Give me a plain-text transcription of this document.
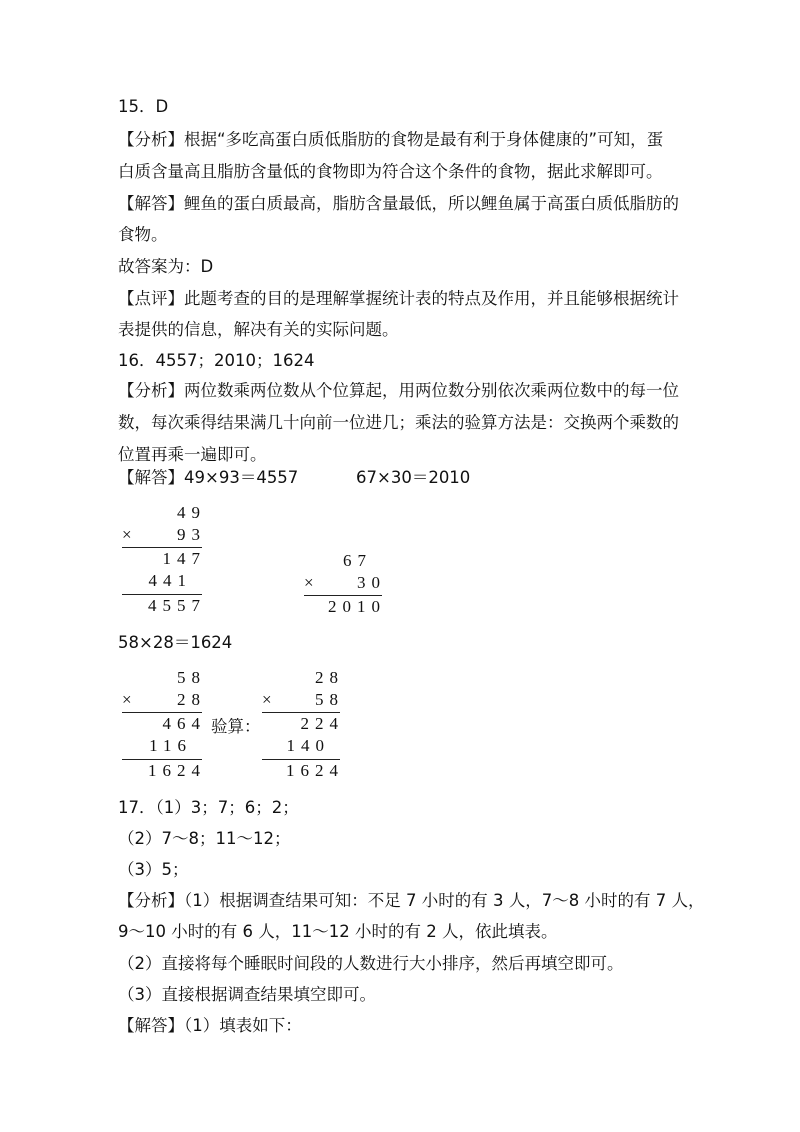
15．D
【分析】根据“多吃高蛋白质低脂肪的食物是最有利于身体健康的”可知，蛋
白质含量高且脂肪含量低的食物即为符合这个条件的食物，据此求解即可。
【解答】鲤鱼的蛋白质最高，脂肪含量最低，所以鲤鱼属于高蛋白质低脂肪的
食物。
故答案为：D
【点评】此题考查的目的是理解掌握统计表的特点及作用，并且能够根据统计
表提供的信息，解决有关的实际问题。
16．4557；2010；1624
【分析】两位数乘两位数从个位算起，用两位数分别依次乘两位数中的每一位
数，每次乘得结果满几十向前一位进几；乘法的验算方法是：交换两个乘数的
位置再乘一遍即可。
【解答】49×93＝4557	67×30＝2010
49
×	93
147
441
4557
67
×	30
2010
58×28＝1624
58
×	28
464
116
1624
验算：
28
×	58
224
140
1624
17．（1）3；7；6；2；
（2）7～8；11～12；
（3）5；
【分析】（1）根据调查结果可知：不足 7 小时的有 3 人，7～8 小时的有 7 人，
9～10 小时的有 6 人，11～12 小时的有 2 人，依此填表。
（2）直接将每个睡眠时间段的人数进行大小排序，然后再填空即可。
（3）直接根据调查结果填空即可。
【解答】（1）填表如下：
